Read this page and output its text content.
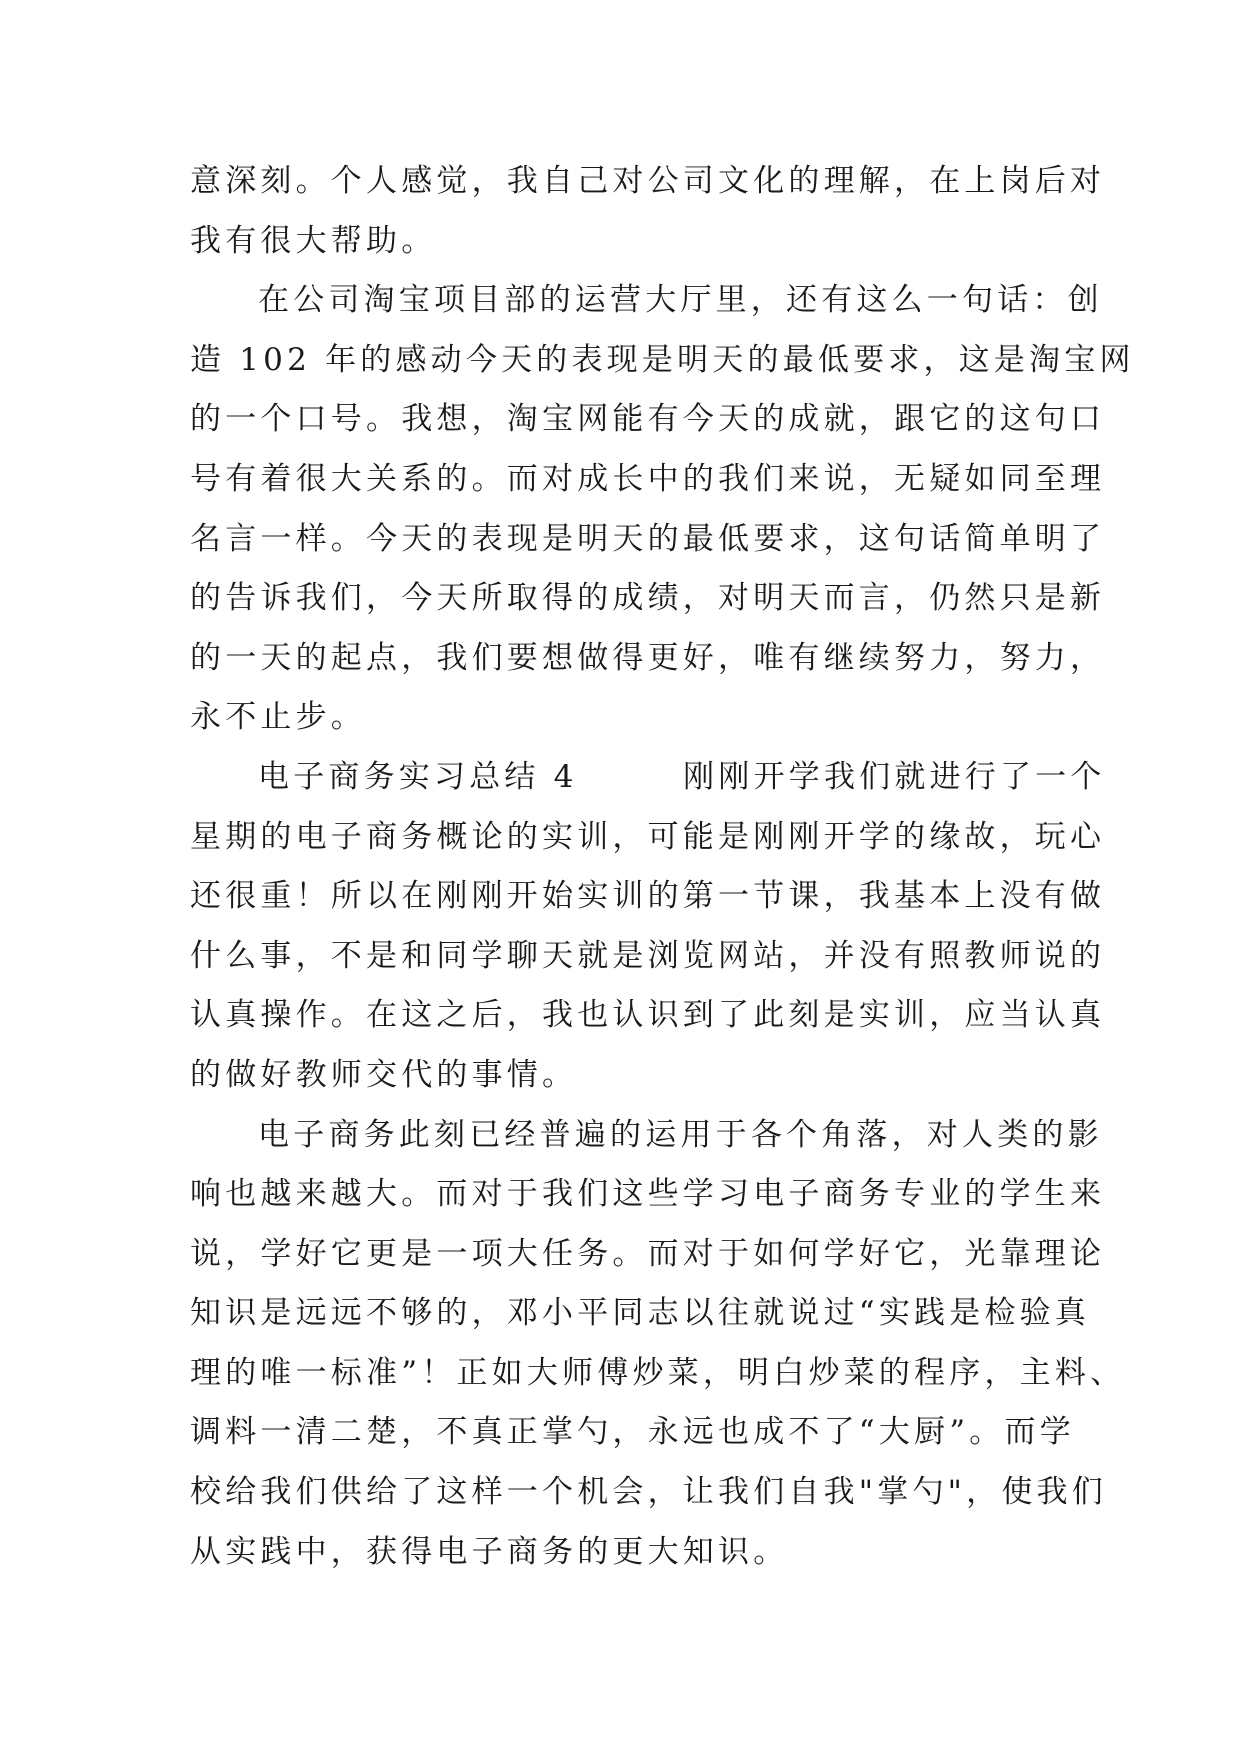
意深刻。个人感觉，我自己对公司文化的理解，在上岗后对
我有很大帮助。
在公司淘宝项目部的运营大厅里，还有这么一句话：创
造 102 年的感动今天的表现是明天的最低要求，这是淘宝网
的一个口号。我想，淘宝网能有今天的成就，跟它的这句口
号有着很大关系的。而对成长中的我们来说，无疑如同至理
名言一样。今天的表现是明天的最低要求，这句话简单明了
的告诉我们，今天所取得的成绩，对明天而言，仍然只是新
的一天的起点，我们要想做得更好，唯有继续努力，努力，
永不止步。
电子商务实习总结 4　　　刚刚开学我们就进行了一个
星期的电子商务概论的实训，可能是刚刚开学的缘故，玩心
还很重！所以在刚刚开始实训的第一节课，我基本上没有做
什么事，不是和同学聊天就是浏览网站，并没有照教师说的
认真操作。在这之后，我也认识到了此刻是实训，应当认真
的做好教师交代的事情。
电子商务此刻已经普遍的运用于各个角落，对人类的影
响也越来越大。而对于我们这些学习电子商务专业的学生来
说，学好它更是一项大任务。而对于如何学好它，光靠理论
知识是远远不够的，邓小平同志以往就说过“实践是检验真
理的唯一标准”！正如大师傅炒菜，明白炒菜的程序，主料、
调料一清二楚，不真正掌勺，永远也成不了“大厨”。而学
校给我们供给了这样一个机会，让我们自我"掌勺"，使我们
从实践中，获得电子商务的更大知识。
